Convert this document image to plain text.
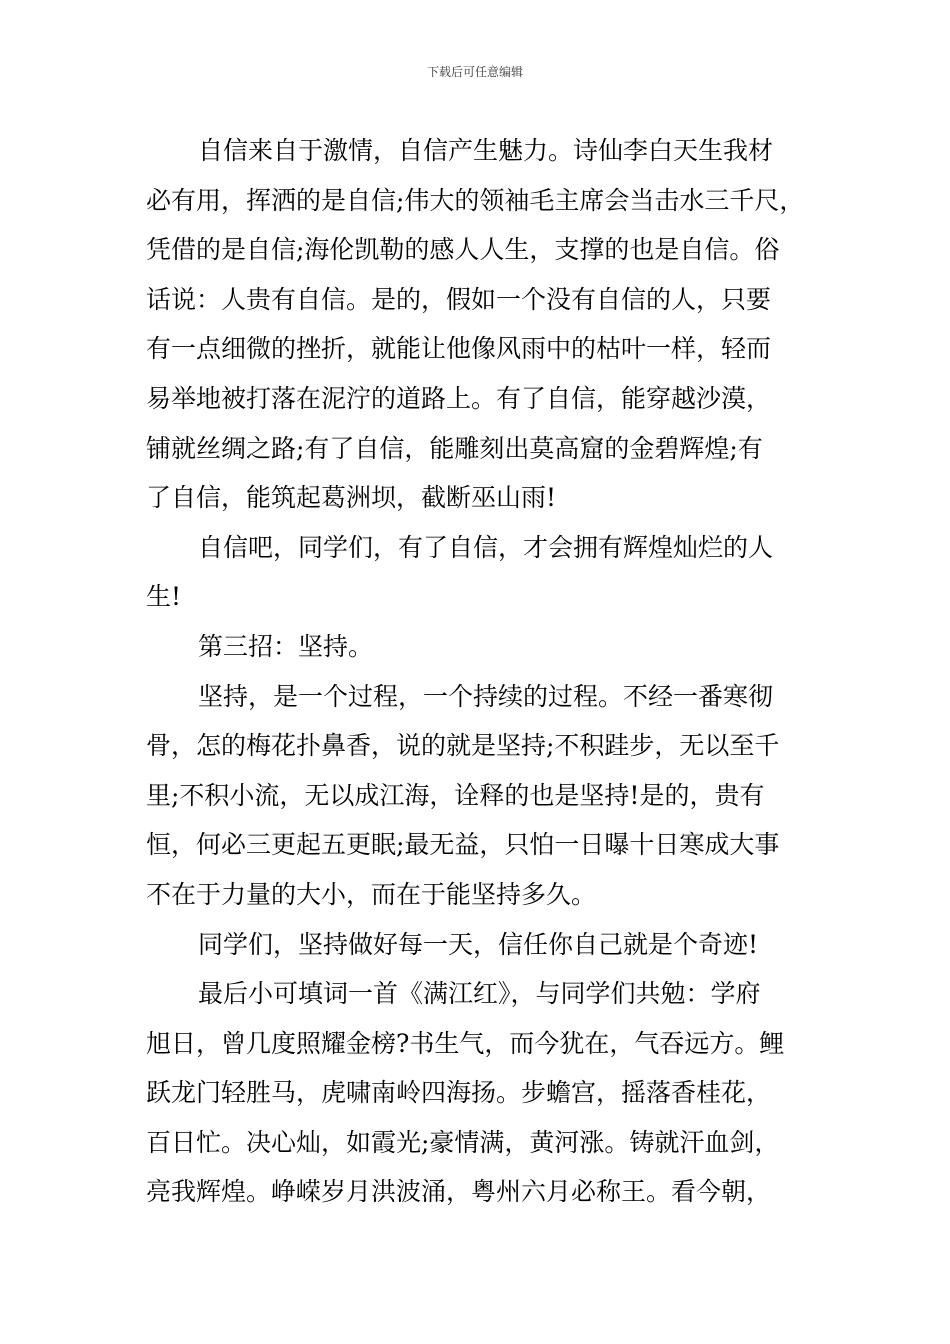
下载后可任意编辑
自信来自于激情，自信产生魅力。诗仙李白天生我材
必有用，挥洒的是自信;伟大的领袖毛主席会当击水三千尺，
凭借的是自信;海伦凯勒的感人人生，支撑的也是自信。俗
话说：人贵有自信。是的，假如一个没有自信的人，只要
有一点细微的挫折，就能让他像风雨中的枯叶一样，轻而
易举地被打落在泥泞的道路上。有了自信，能穿越沙漠，
铺就丝绸之路;有了自信，能雕刻出莫高窟的金碧辉煌;有
了自信，能筑起葛洲坝，截断巫山雨!
自信吧，同学们，有了自信，才会拥有辉煌灿烂的人
生!
第三招：坚持。
坚持，是一个过程，一个持续的过程。不经一番寒彻
骨，怎的梅花扑鼻香，说的就是坚持;不积跬步，无以至千
里;不积小流，无以成江海，诠释的也是坚持!是的，贵有
恒，何必三更起五更眠;最无益，只怕一日曝十日寒成大事
不在于力量的大小，而在于能坚持多久。
同学们，坚持做好每一天，信任你自己就是个奇迹!
最后小可填词一首《满江红》，与同学们共勉：学府
旭日，曾几度照耀金榜?书生气，而今犹在，气吞远方。鲤
跃龙门轻胜马，虎啸南岭四海扬。步蟾宫，摇落香桂花，
百日忙。决心灿，如霞光;豪情满，黄河涨。铸就汗血剑，
亮我辉煌。峥嵘岁月洪波涌，粤州六月必称王。看今朝，
